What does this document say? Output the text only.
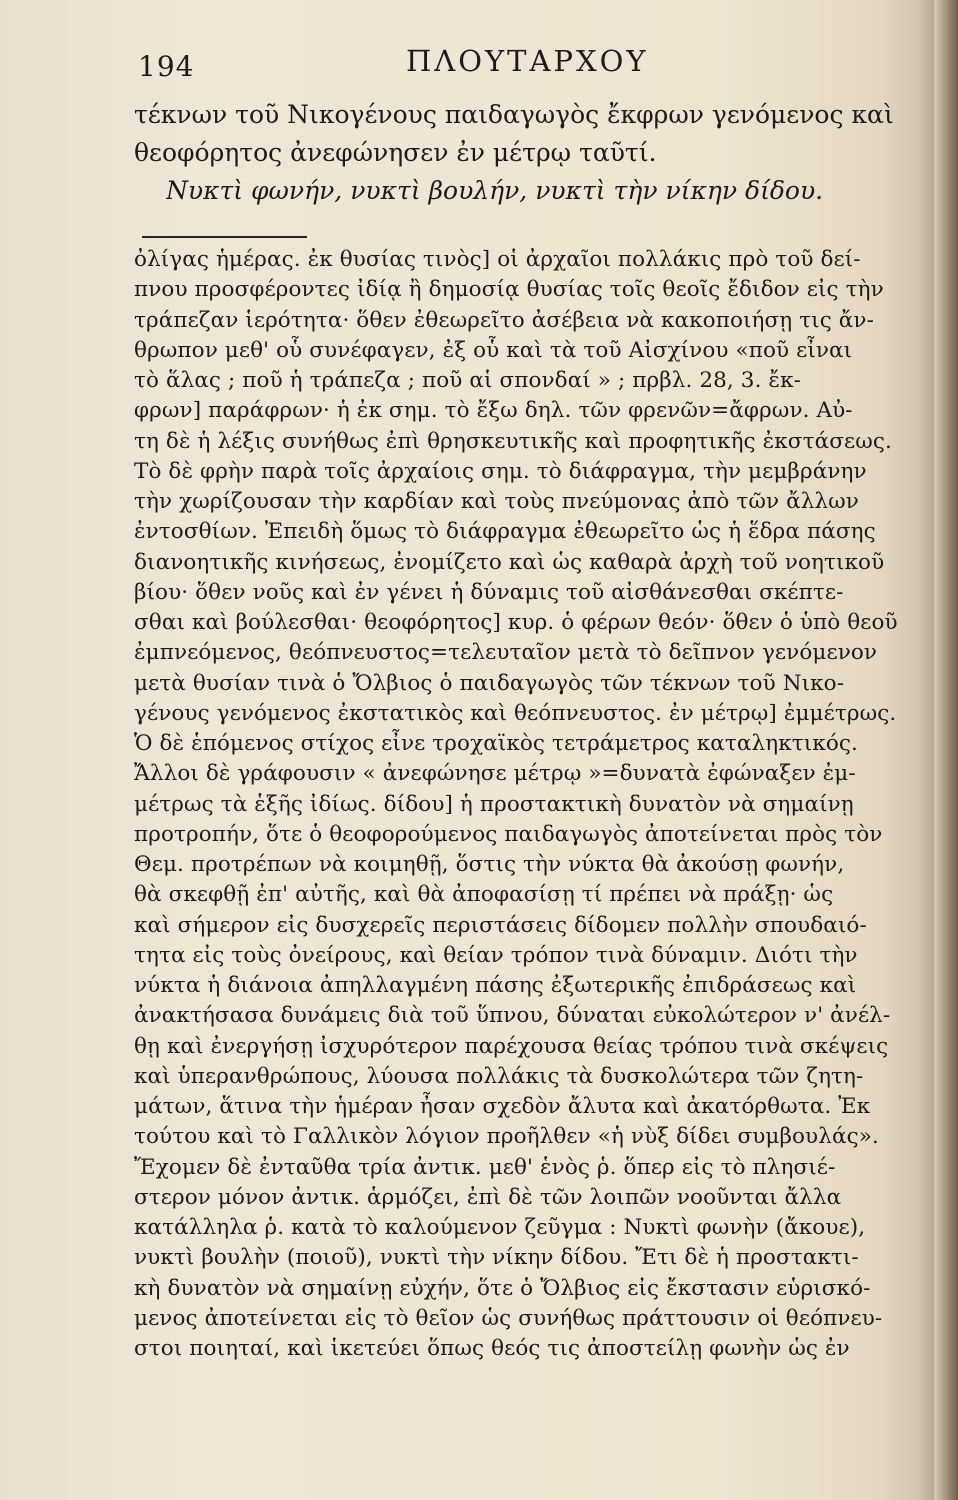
194	ΠΛΟΥΤΑΡΧΟΥ
τέκνων τοῦ Νικογένους παιδαγωγὸς ἔκφρων γενόμενος καὶ
θεοφόρητος ἀνεφώνησεν ἐν μέτρῳ ταῦτί.
Νυκτὶ φωνήν, νυκτὶ βουλήν, νυκτὶ τὴν νίκην δίδου.
ὀλίγας ἡμέρας. ἐκ θυσίας τινὸς] οἱ ἀρχαῖοι πολλάκις πρὸ τοῦ δεί-
πνου προσφέροντες ἰδίᾳ ἢ δημοσίᾳ θυσίας τοῖς θεοῖς ἔδιδον εἰς τὴν
τράπεζαν ἱερότητα· ὅθεν ἐθεωρεῖτο ἀσέβεια νὰ κακοποιήσῃ τις ἄν-
θρωπον μεθ' οὗ συνέφαγεν, ἐξ οὗ καὶ τὰ τοῦ Αἰσχίνου «ποῦ εἶναι
τὸ ἅλας ; ποῦ ἡ τράπεζα ; ποῦ αἱ σπονδαί » ; πρβλ. 28, 3. ἔκ-
φρων] παράφρων· ἡ ἐκ σημ. τὸ ἔξω δηλ. τῶν φρενῶν=ἄφρων. Αὐ-
τη δὲ ἡ λέξις συνήθως ἐπὶ θρησκευτικῆς καὶ προφητικῆς ἐκστάσεως.
Τὸ δὲ φρὴν παρὰ τοῖς ἀρχαίοις σημ. τὸ διάφραγμα, τὴν μεμβράνην
τὴν χωρίζουσαν τὴν καρδίαν καὶ τοὺς πνεύμονας ἀπὸ τῶν ἄλλων
ἐντοσθίων. Ἐπειδὴ ὅμως τὸ διάφραγμα ἐθεωρεῖτο ὡς ἡ ἕδρα πάσης
διανοητικῆς κινήσεως, ἐνομίζετο καὶ ὡς καθαρὰ ἀρχὴ τοῦ νοητικοῦ
βίου· ὅθεν νοῦς καὶ ἐν γένει ἡ δύναμις τοῦ αἰσθάνεσθαι σκέπτε-
σθαι καὶ βούλεσθαι· θεοφόρητος] κυρ. ὁ φέρων θεόν· ὅθεν ὁ ὑπὸ θεοῦ
ἐμπνεόμενος, θεόπνευστος=τελευταῖον μετὰ τὸ δεῖπνον γενόμενον
μετὰ θυσίαν τινὰ ὁ Ὄλβιος ὁ παιδαγωγὸς τῶν τέκνων τοῦ Νικο-
γένους γενόμενος ἐκστατικὸς καὶ θεόπνευστος. ἐν μέτρῳ] ἐμμέτρως.
Ὁ δὲ ἑπόμενος στίχος εἶνε τροχαϊκὸς τετράμετρος καταληκτικός.
Ἄλλοι δὲ γράφουσιν « ἀνεφώνησε μέτρῳ »=δυνατὰ ἐφώναξεν ἐμ-
μέτρως τὰ ἑξῆς ἰδίως. δίδου] ἡ προστακτικὴ δυνατὸν νὰ σημαίνῃ
προτροπήν, ὅτε ὁ θεοφορούμενος παιδαγωγὸς ἀποτείνεται πρὸς τὸν
Θεμ. προτρέπων νὰ κοιμηθῇ, ὅστις τὴν νύκτα θὰ ἀκούσῃ φωνήν,
θὰ σκεφθῇ ἐπ' αὐτῆς, καὶ θὰ ἀποφασίσῃ τί πρέπει νὰ πράξῃ· ὡς
καὶ σήμερον εἰς δυσχερεῖς περιστάσεις δίδομεν πολλὴν σπουδαιό-
τητα εἰς τοὺς ὀνείρους, καὶ θείαν τρόπον τινὰ δύναμιν. Διότι τὴν
νύκτα ἡ διάνοια ἀπηλλαγμένη πάσης ἐξωτερικῆς ἐπιδράσεως καὶ
ἀνακτήσασα δυνάμεις διὰ τοῦ ὕπνου, δύναται εὐκολώτερον ν' ἀνέλ-
θῃ καὶ ἐνεργήσῃ ἰσχυρότερον παρέχουσα θείας τρόπου τινὰ σκέψεις
καὶ ὑπερανθρώπους, λύουσα πολλάκις τὰ δυσκολώτερα τῶν ζητη-
μάτων, ἅτινα τὴν ἡμέραν ἦσαν σχεδὸν ἄλυτα καὶ ἀκατόρθωτα. Ἐκ
τούτου καὶ τὸ Γαλλικὸν λόγιον προῆλθεν «ἡ νὺξ δίδει συμβουλάς».
Ἔχομεν δὲ ἐνταῦθα τρία ἀντικ. μεθ' ἑνὸς ῥ. ὅπερ εἰς τὸ πλησιέ-
στερον μόνον ἀντικ. ἁρμόζει, ἐπὶ δὲ τῶν λοιπῶν νοοῦνται ἄλλα
κατάλληλα ῥ. κατὰ τὸ καλούμενον ζεῦγμα : Νυκτὶ φωνὴν (ἄκουε),
νυκτὶ βουλὴν (ποιοῦ), νυκτὶ τὴν νίκην δίδου. Ἔτι δὲ ἡ προστακτι-
κὴ δυνατὸν νὰ σημαίνῃ εὐχήν, ὅτε ὁ Ὄλβιος εἰς ἔκστασιν εὑρισκό-
μενος ἀποτείνεται εἰς τὸ θεῖον ὡς συνήθως πράττουσιν οἱ θεόπνευ-
στοι ποιηταί, καὶ ἱκετεύει ὅπως θεός τις ἀποστείλῃ φωνὴν ὡς ἐν
